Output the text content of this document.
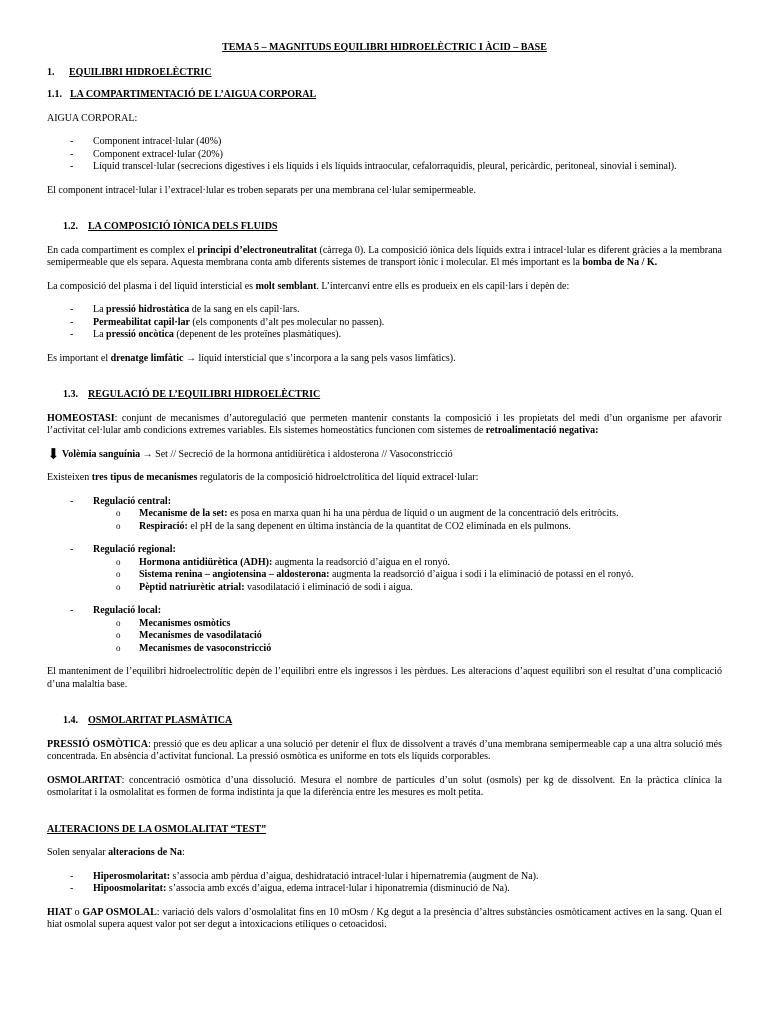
TEMA 5 – MAGNITUDS EQUILIBRI HIDROELÈCTRIC I ÀCID – BASE
1.	EQUILIBRI HIDROELÈCTRIC
1.1. LA COMPARTIMENTACIÓ DE L’AIGUA CORPORAL
AIGUA CORPORAL:
- Component intracel·lular (40%)
- Component extracel·lular (20%)
- Líquid transcel·lular (secrecions digestives i els líquids i els líquids intraocular, cefalorraquidis, pleural, pericàrdic, peritoneal, sinovial i seminal).

El component intracel·lular i l’extracel·lular es troben separats per una membrana cel·lular semipermeable.

1.2.	LA COMPOSICIÓ IÒNICA DELS FLUIDS

En cada compartiment es complex el principi d’electroneutralitat (càrrega 0). La composició iònica dels líquids extra i intracel·lular es diferent gràcies a la membrana semipermeable que els separa. Aquesta membrana conta amb diferents sistemes de transport iònic i molecular. El més important es la bomba de Na / K.

La composició del plasma i del líquid intersticial es molt semblant. L’intercanvi entre ells es produeix en els capil·lars i depèn de:

- La pressió hidrostàtica de la sang en els capil·lars.
- Permeabilitat capil·lar (els components d’alt pes molecular no passen).
- La pressió oncòtica (depenent de les proteïnes plasmàtiques).

Es important el drenatge limfàtic → líquid intersticial que s’incorpora a la sang pels vasos limfàtics).

1.3.	REGULACIÓ DE L’EQUILIBRI HIDROELÈCTRIC

HOMEOSTASI: conjunt de mecanismes d’autoregulació que permeten mantenir constants la composició i les propietats del medi d’un organisme per afavorir l’activitat cel·lular amb condicions extremes variables. Els sistemes homeostàtics funcionen com sistemes de retroalimentació negativa:

⬇ Volèmia sanguínia → Set // Secreció de la hormona antidiürètica i aldosterona // Vasoconstricció

Existeixen tres tipus de mecanismes regulatoris de la composició hidroelctrolítica del líquid extracel·lular:

- Regulació central:
o Mecanisme de la set: es posa en marxa quan hi ha una pèrdua de líquid o un augment de la concentració dels eritròcits.
o Respiració: el pH de la sang depenent en última instància de la quantitat de CO2 eliminada en els pulmons.
- Regulació regional:
o Hormona antidiürètica (ADH): augmenta la readsorció d’aigua en el ronyó.
o Sistema renina – angiotensina – aldosterona: augmenta la readsorció d’aigua i sodi i la eliminació de potassi en el ronyó.
o Pèptid natriurètic atrial: vasodilatació i eliminació de sodi i aigua.
- Regulació local:
o Mecanismes osmòtics
o Mecanismes de vasodilatació
o Mecanismes de vasoconstricció

El manteniment de l’equilibri hidroelectrolític depèn de l’equilibri entre els ingressos i les pèrdues. Les alteracions d’aquest equilibri son el resultat d’una complicació d’una malaltia base.

1.4.	OSMOLARITAT PLASMÀTICA

PRESSIÓ OSMÒTICA: pressió que es deu aplicar a una solució per detenir el flux de dissolvent a través d’una membrana semipermeable cap a una altra solució més concentrada. En absència d’activitat funcional. La pressió osmòtica es uniforme en tots els líquids corporables.

OSMOLARITAT: concentració osmòtica d’una dissolució. Mesura el nombre de partícules d’un solut (osmols) per kg de dissolvent. En la pràctica clínica la osmolaritat i la osmolalitat es formen de forma indistinta ja que la diferència entre les mesures es molt petita.

ALTERACIONS DE LA OSMOLALITAT “TEST”

Solen senyalar alteracions de Na:

- Hiperosmolaritat: s’associa amb pèrdua d’aigua, deshidratació intracel·lular i hipernatremia (augment de Na).
- Hipoosmolaritat: s’associa amb excés d’aigua, edema intracel·lular i hiponatremia (disminució de Na).

HIAT o GAP OSMOLAL: variació dels valors d’osmolalitat fins en 10 mOsm / Kg degut a la presència d’altres substàncies osmòticament actives en la sang. Quan el hiat osmolal supera aquest valor pot ser degut a intoxicacions etíliques o cetoacidosi.
